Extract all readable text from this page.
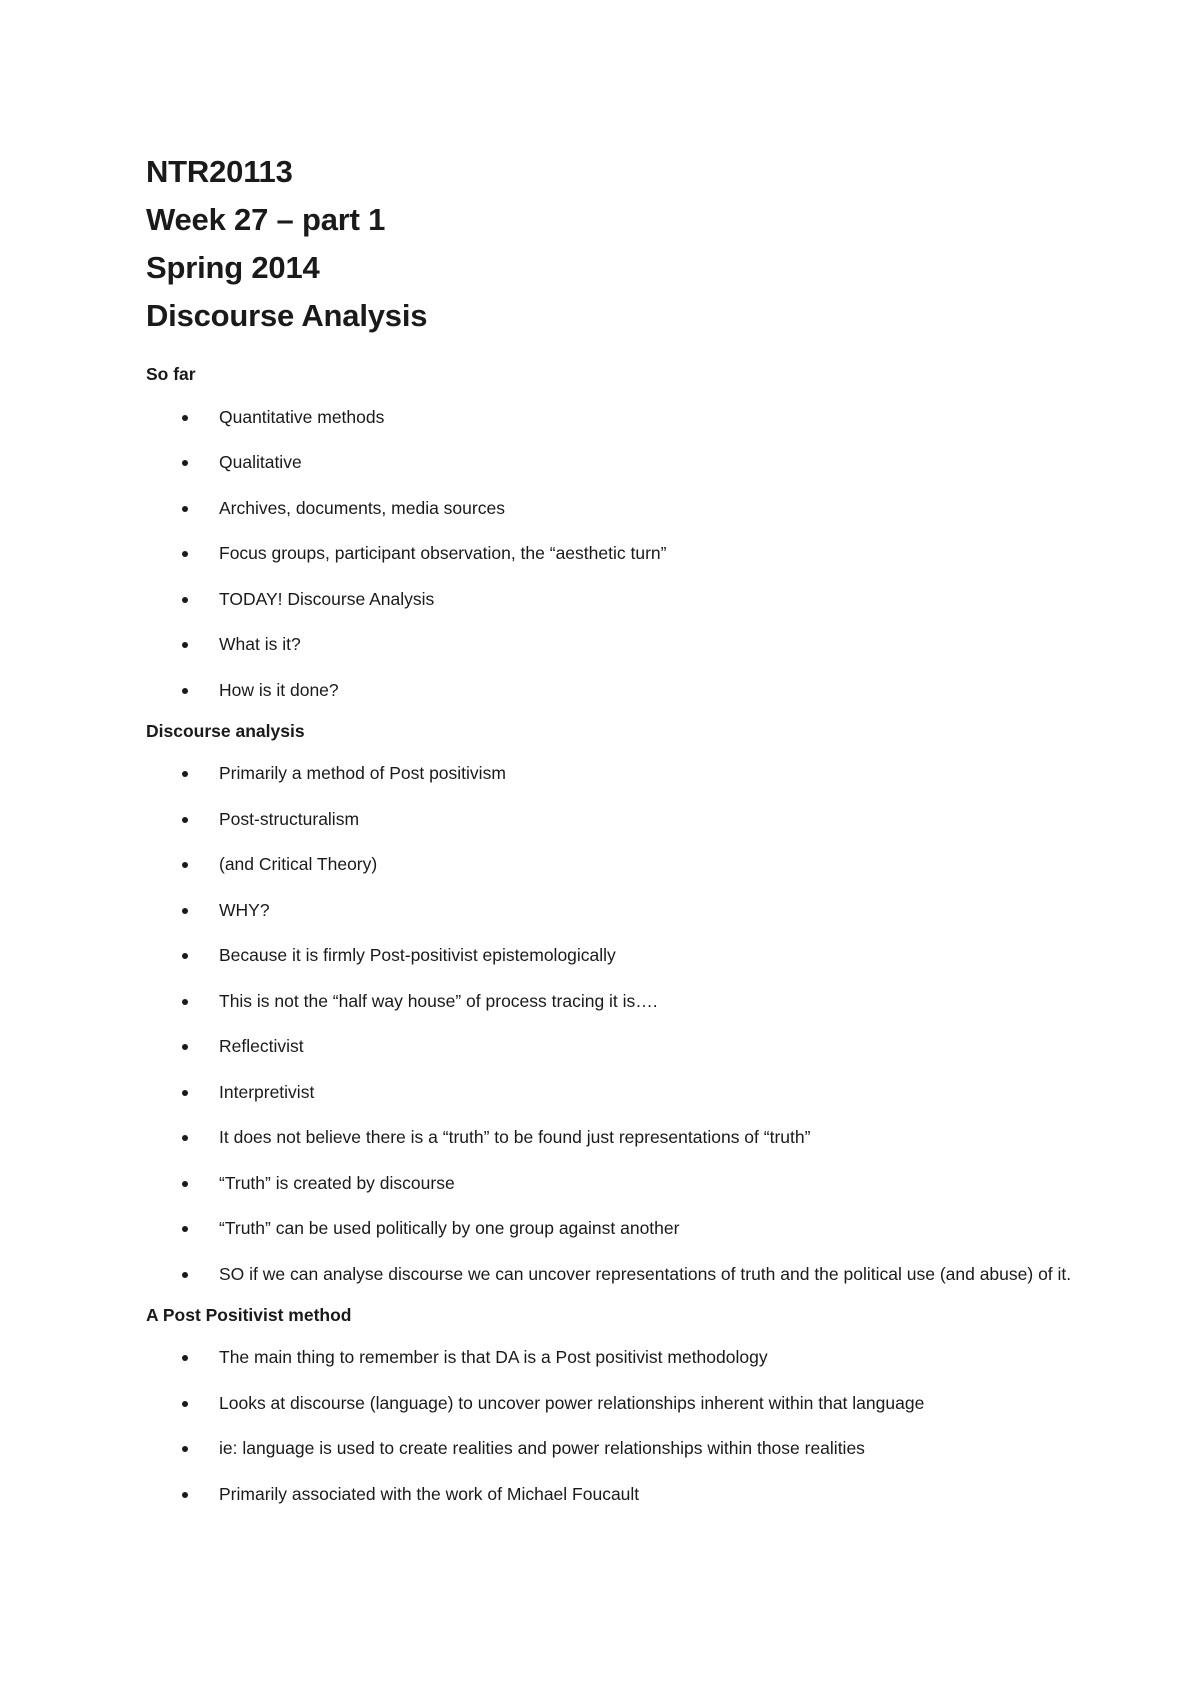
NTR20113

Week 27 – part 1

Spring 2014

Discourse Analysis

So far

Quantitative methods
Qualitative
Archives, documents, media sources
Focus groups, participant observation, the “aesthetic turn”
TODAY! Discourse Analysis
What is it?
How is it done?

Discourse analysis

Primarily a method of Post positivism
Post-structuralism
(and Critical Theory)
WHY?
Because it is firmly Post-positivist epistemologically
This is not the “half way house” of process tracing it is….
Reflectivist
Interpretivist
It does not believe there is a “truth” to be found just representations of “truth”
“Truth” is created by discourse
“Truth” can be used politically by one group against another
SO if we can analyse discourse we can uncover representations of truth and the political use (and abuse) of it.

A Post Positivist method

The main thing to remember is that DA is a Post positivist methodology
Looks at discourse (language) to uncover power relationships inherent within that language
ie: language is used to create realities and power relationships within those realities
Primarily associated with the work of Michael Foucault
